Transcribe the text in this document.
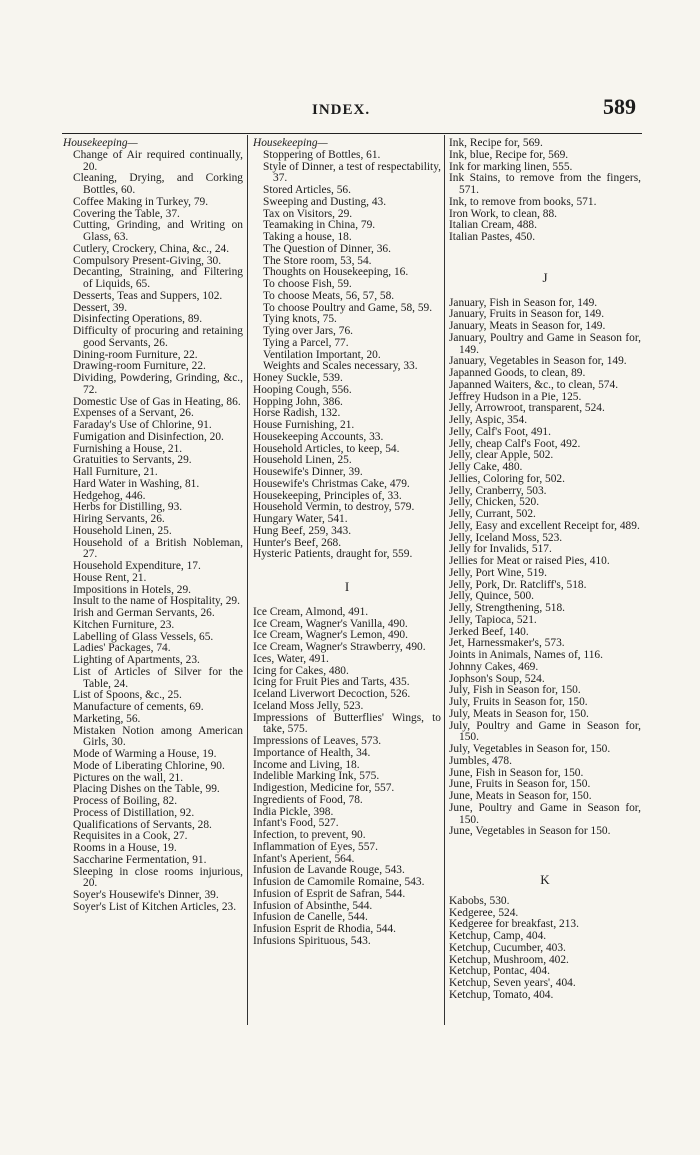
INDEX.	589

Housekeeping—

Change of Air required continually, 20.

Cleaning, Drying, and Corking Bottles, 60.

Coffee Making in Turkey, 79.

Covering the Table, 37.

Cutting, Grinding, and Writing on Glass, 63.

Cutlery, Crockery, China, &c., 24.

Compulsory Present-Giving, 30.

Decanting, Straining, and Filtering of Liquids, 65.

Desserts, Teas and Suppers, 102.

Dessert, 39.

Disinfecting Operations, 89.

Difficulty of procuring and retaining good Servants, 26.

Dining-room Furniture, 22.

Drawing-room Furniture, 22.

Dividing, Powdering, Grinding, &c., 72.

Domestic Use of Gas in Heating, 86.

Expenses of a Servant, 26.

Faraday's Use of Chlorine, 91.

Fumigation and Disinfection, 20.

Furnishing a House, 21.

Gratuities to Servants, 29.

Hall Furniture, 21.

Hard Water in Washing, 81.

Hedgehog, 446.

Herbs for Distilling, 93.

Hiring Servants, 26.

Household Linen, 25.

Household of a British Nobleman, 27.

Household Expenditure, 17.

House Rent, 21.

Impositions in Hotels, 29.

Insult to the name of Hospitality, 29.

Irish and German Servants, 26.

Kitchen Furniture, 23.

Labelling of Glass Vessels, 65.

Ladies' Packages, 74.

Lighting of Apartments, 23.

List of Articles of Silver for the Table, 24.

List of Spoons, &c., 25.

Manufacture of cements, 69.

Marketing, 56.

Mistaken Notion among American Girls, 30.

Mode of Warming a House, 19.

Mode of Liberating Chlorine, 90.

Pictures on the wall, 21.

Placing Dishes on the Table, 99.

Process of Boiling, 82.

Process of Distillation, 92.

Qualifications of Servants, 28.

Requisites in a Cook, 27.

Rooms in a House, 19.

Saccharine Fermentation, 91.

Sleeping in close rooms injurious, 20.

Soyer's Housewife's Dinner, 39.

Soyer's List of Kitchen Articles, 23.

Housekeeping—

Stoppering of Bottles, 61.

Style of Dinner, a test of respectability, 37.

Stored Articles, 56.

Sweeping and Dusting, 43.

Tax on Visitors, 29.

Teamaking in China, 79.

Taking a house, 18.

The Question of Dinner, 36.

The Store room, 53, 54.

Thoughts on Housekeeping, 16.

To choose Fish, 59.

To choose Meats, 56, 57, 58.

To choose Poultry and Game, 58, 59.

Tying knots, 75.

Tying over Jars, 76.

Tying a Parcel, 77.

Ventilation Important, 20.

Weights and Scales necessary, 33.

Honey Suckle, 539.

Hooping Cough, 556.

Hopping John, 386.

Horse Radish, 132.

House Furnishing, 21.

Housekeeping Accounts, 33.

Household Articles, to keep, 54.

Household Linen, 25.

Housewife's Dinner, 39.

Housewife's Christmas Cake, 479.

Housekeeping, Principles of, 33.

Household Vermin, to destroy, 579.

Hungary Water, 541.

Hung Beef, 259, 343.

Hunter's Beef, 268.

Hysteric Patients, draught for, 559.

I

Ice Cream, Almond, 491.

Ice Cream, Wagner's Vanilla, 490.

Ice Cream, Wagner's Lemon, 490.

Ice Cream, Wagner's Strawberry, 490.

Ices, Water, 491.

Icing for Cakes, 480.

Icing for Fruit Pies and Tarts, 435.

Iceland Liverwort Decoction, 526.

Iceland Moss Jelly, 523.

Impressions of Butterflies' Wings, to take, 575.

Impressions of Leaves, 573.

Importance of Health, 34.

Income and Living, 18.

Indelible Marking Ink, 575.

Indigestion, Medicine for, 557.

Ingredients of Food, 78.

India Pickle, 398.

Infant's Food, 527.

Infection, to prevent, 90.

Inflammation of Eyes, 557.

Infant's Aperient, 564.

Infusion de Lavande Rouge, 543.

Infusion de Camomile Romaine, 543.

Infusion of Esprit de Safran, 544.

Infusion of Absinthe, 544.

Infusion de Canelle, 544.

Infusion Esprit de Rhodia, 544.

Infusions Spirituous, 543.

Ink, Recipe for, 569.

Ink, blue, Recipe for, 569.

Ink for marking linen, 555.

Ink Stains, to remove from the fingers, 571.

Ink, to remove from books, 571.

Iron Work, to clean, 88.

Italian Cream, 488.

Italian Pastes, 450.

J

January, Fish in Season for, 149.

January, Fruits in Season for, 149.

January, Meats in Season for, 149.

January, Poultry and Game in Season for, 149.

January, Vegetables in Season for, 149.

Japanned Goods, to clean, 89.

Japanned Waiters, &c., to clean, 574.

Jeffrey Hudson in a Pie, 125.

Jelly, Arrowroot, transparent, 524.

Jelly, Aspic, 354.

Jelly, Calf's Foot, 491.

Jelly, cheap Calf's Foot, 492.

Jelly, clear Apple, 502.

Jelly Cake, 480.

Jellies, Coloring for, 502.

Jelly, Cranberry, 503.

Jelly, Chicken, 520.

Jelly, Currant, 502.

Jelly, Easy and excellent Receipt for, 489.

Jelly, Iceland Moss, 523.

Jelly for Invalids, 517.

Jellies for Meat or raised Pies, 410.

Jelly, Port Wine, 519.

Jelly, Pork, Dr. Ratcliff's, 518.

Jelly, Quince, 500.

Jelly, Strengthening, 518.

Jelly, Tapioca, 521.

Jerked Beef, 140.

Jet, Harnessmaker's, 573.

Joints in Animals, Names of, 116.

Johnny Cakes, 469.

Jophson's Soup, 524.

July, Fish in Season for, 150.

July, Fruits in Season for, 150.

July, Meats in Season for, 150.

July, Poultry and Game in Season for, 150.

July, Vegetables in Season for, 150.

Jumbles, 478.

June, Fish in Season for, 150.

June, Fruits in Season for, 150.

June, Meats in Season for, 150.

June, Poultry and Game in Season for, 150.

June, Vegetables in Season for 150.

K

Kabobs, 530.

Kedgeree, 524.

Kedgeree for breakfast, 213.

Ketchup, Camp, 404.

Ketchup, Cucumber, 403.

Ketchup, Mushroom, 402.

Ketchup, Pontac, 404.

Ketchup, Seven years', 404.

Ketchup, Tomato, 404.
